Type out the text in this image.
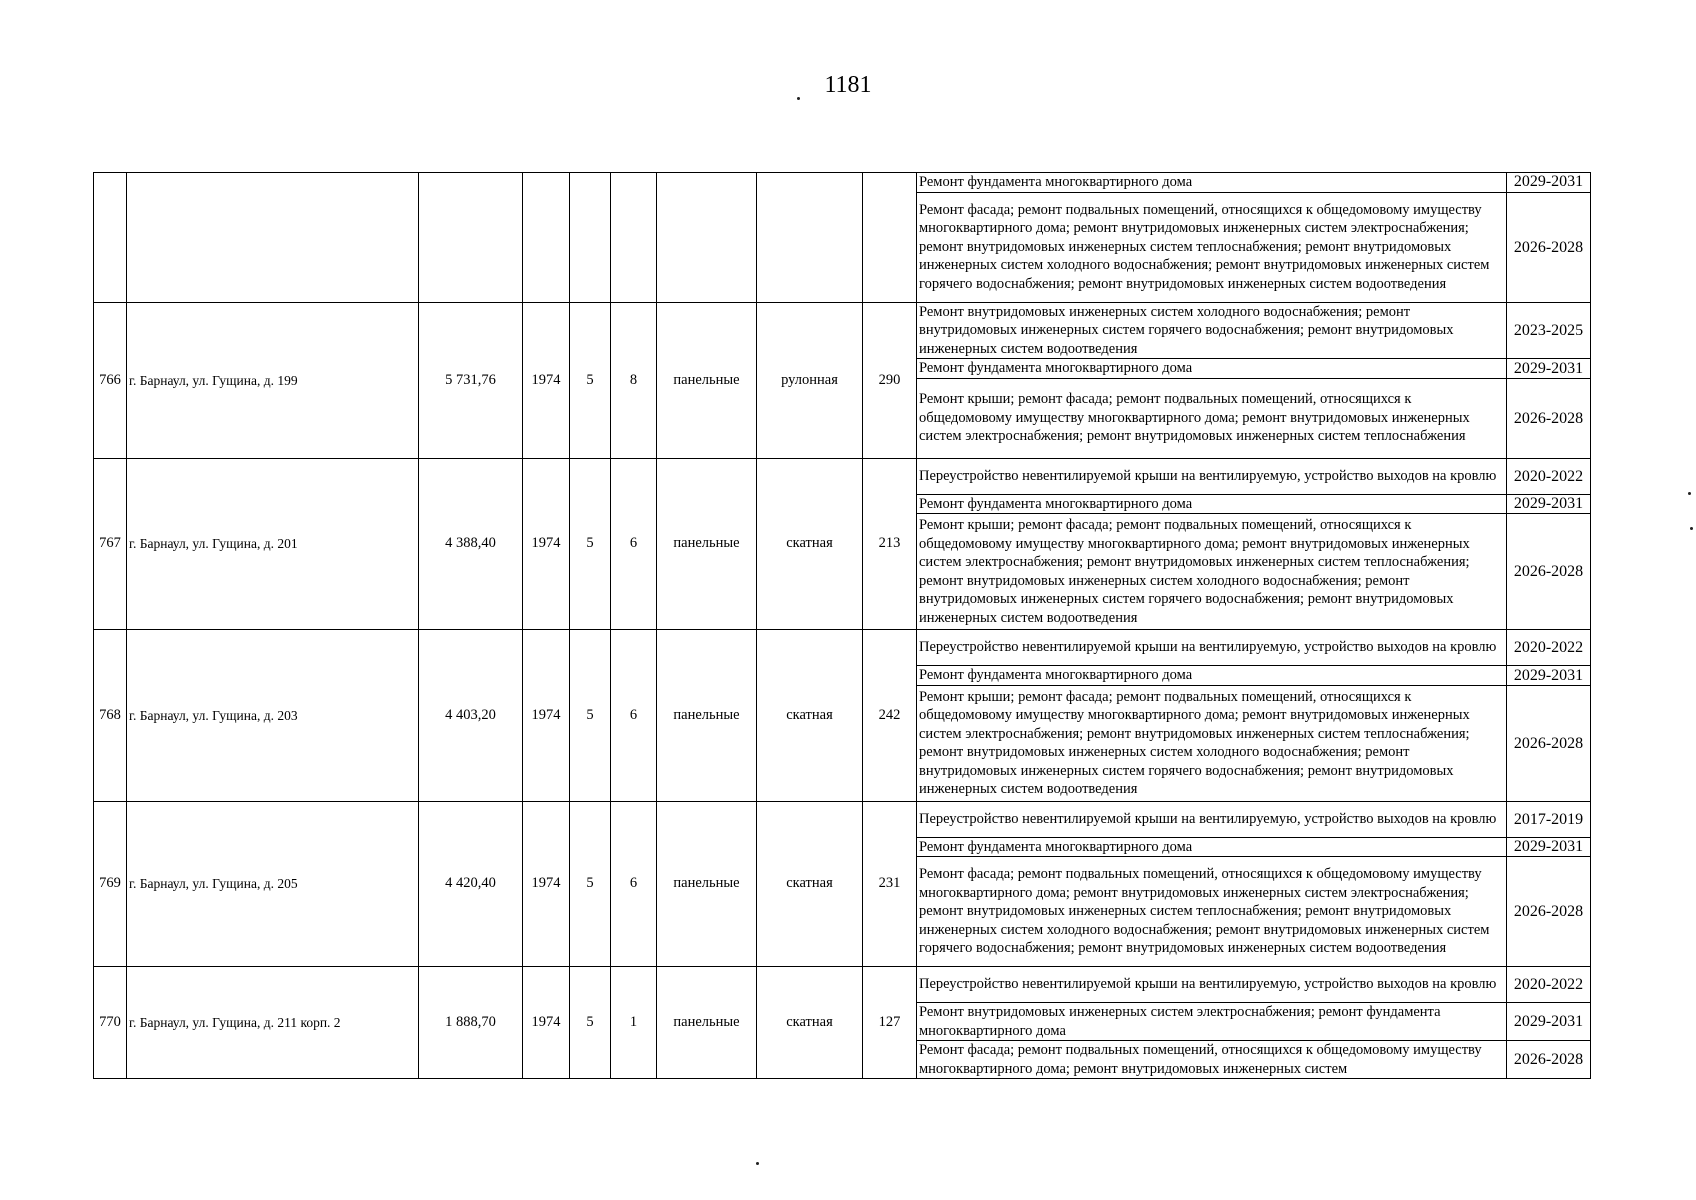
1181
									Ремонт фундамента многоквартирного дома	2029-2031
									Ремонт фасада; ремонт подвальных помещений, относящихся к общедомовому имуществу многоквартирного дома; ремонт внутридомовых инженерных систем электроснабжения; ремонт внутридомовых инженерных систем теплоснабжения; ремонт внутридомовых инженерных систем холодного водоснабжения; ремонт внутридомовых инженерных систем горячего водоснабжения; ремонт внутридомовых инженерных систем водоотведения	2026-2028
766	г. Барнаул, ул. Гущина, д. 199	5 731,76	1974	5	8	панельные	рулонная	290	Ремонт внутридомовых инженерных систем холодного водоснабжения; ремонт внутридомовых инженерных систем горячего водоснабжения; ремонт внутридомовых инженерных систем водоотведения	2023-2025
									Ремонт фундамента многоквартирного дома	2029-2031
									Ремонт крыши; ремонт фасада; ремонт подвальных помещений, относящихся к общедомовому имуществу многоквартирного дома; ремонт внутридомовых инженерных систем электроснабжения; ремонт внутридомовых инженерных систем теплоснабжения	2026-2028
767	г. Барнаул, ул. Гущина, д. 201	4 388,40	1974	5	6	панельные	скатная	213	Переустройство невентилируемой крыши на вентилируемую, устройство выходов на кровлю	2020-2022
									Ремонт фундамента многоквартирного дома	2029-2031
									Ремонт крыши; ремонт фасада; ремонт подвальных помещений, относящихся к общедомовому имуществу многоквартирного дома; ремонт внутридомовых инженерных систем электроснабжения; ремонт внутридомовых инженерных систем теплоснабжения; ремонт внутридомовых инженерных систем холодного водоснабжения; ремонт внутридомовых инженерных систем горячего водоснабжения; ремонт внутридомовых инженерных систем водоотведения	2026-2028
768	г. Барнаул, ул. Гущина, д. 203	4 403,20	1974	5	6	панельные	скатная	242	Переустройство невентилируемой крыши на вентилируемую, устройство выходов на кровлю	2020-2022
									Ремонт фундамента многоквартирного дома	2029-2031
									Ремонт крыши; ремонт фасада; ремонт подвальных помещений, относящихся к общедомовому имуществу многоквартирного дома; ремонт внутридомовых инженерных систем электроснабжения; ремонт внутридомовых инженерных систем теплоснабжения; ремонт внутридомовых инженерных систем холодного водоснабжения; ремонт внутридомовых инженерных систем горячего водоснабжения; ремонт внутридомовых инженерных систем водоотведения	2026-2028
769	г. Барнаул, ул. Гущина, д. 205	4 420,40	1974	5	6	панельные	скатная	231	Переустройство невентилируемой крыши на вентилируемую, устройство выходов на кровлю	2017-2019
									Ремонт фундамента многоквартирного дома	2029-2031
									Ремонт фасада; ремонт подвальных помещений, относящихся к общедомовому имуществу многоквартирного дома; ремонт внутридомовых инженерных систем электроснабжения; ремонт внутридомовых инженерных систем теплоснабжения; ремонт внутридомовых инженерных систем холодного водоснабжения; ремонт внутридомовых инженерных систем горячего водоснабжения; ремонт внутридомовых инженерных систем водоотведения	2026-2028
770	г. Барнаул, ул. Гущина, д. 211 корп. 2	1 888,70	1974	5	1	панельные	скатная	127	Переустройство невентилируемой крыши на вентилируемую, устройство выходов на кровлю	2020-2022
									Ремонт внутридомовых инженерных систем электроснабжения; ремонт фундамента многоквартирного дома	2029-2031
									Ремонт фасада; ремонт подвальных помещений, относящихся к общедомовому имуществу многоквартирного дома; ремонт внутридомовых инженерных систем	2026-2028
